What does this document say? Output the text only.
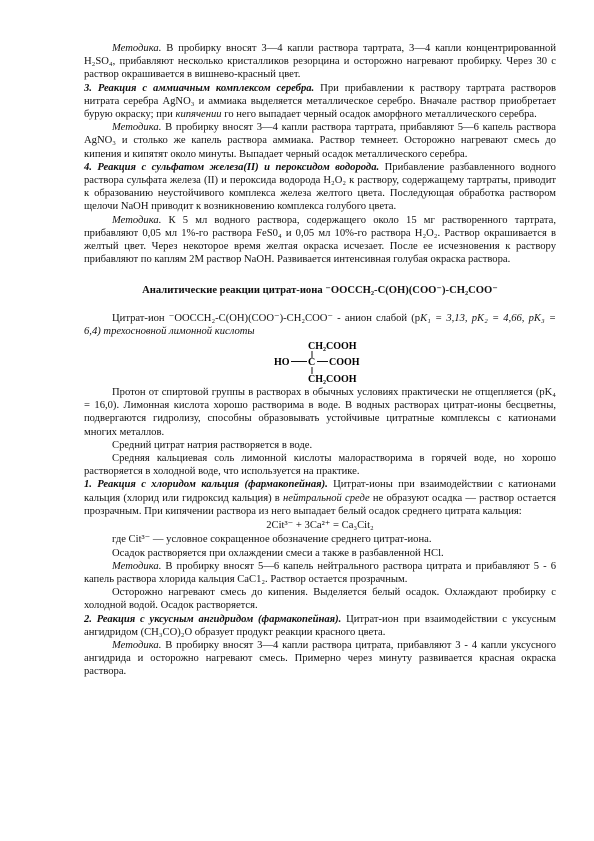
Методика. В пробирку вносят 3—4 капли раствора тартрата, 3—4 капли концентрированной H₂SO₄, прибавляют несколько кристалликов резорцина и осторожно нагревают пробирку. Через 30 с раствор окрашивается в вишнево-красный цвет.

3. Реакция с аммиачным комплексом серебра. При прибавлении к раствору тартрата растворов нитрата серебра AgNO₃ и аммиака выделяется металлическое серебро. Вначале раствор приобретает бурую окраску; при кипячении го него выпадает черный осадок аморфного металлического серебра.

Методика. В пробирку вносят 3—4 капли раствора тартрата, прибавляют 5—6 капель раствора AgNO₃ и столько же капель раствора аммиака. Раствор темнеет. Осторожно нагревают смесь до кипения и кипятят около минуты. Выпадает черный осадок металлического серебра.

4. Реакция с сульфатом железа(II) и пероксидом водорода. Прибавление разбавленного водного раствора сульфата железа (II) и пероксида водорода H₂O₂ к раствору, содержащему тартраты, приводит к образованию неустойчивого комплекса железа желтого цвета. Последующая обработка раствором щелочи NaOH приводит к возникновению комплекса голубого цвета.

Методика. К 5 мл водного раствора, содержащего около 15 мг растворенного тартрата, прибавляют 0,05 мл 1%-го раствора FeS0₄ и 0,05 мл 10%-го раствора H₂O₂. Раствор окрашивается в желтый цвет. Через некоторое время желтая окраска исчезает. После ее исчезновения к раствору прибавляют по каплям 2М раствор NaOH. Развивается интенсивная голубая окраска раствора.

Аналитические реакции цитрат-иона ⁻OOCCH₂-C(OH)(COO⁻)-CH₂COO⁻

Цитрат-ион ⁻OOCCH₂-C(OH)(COO⁻)-CH₂COO⁻ - анион слабой (pK₁ = 3,13, pK₂ = 4,66, pK₃ = 6,4) трехосновной лимонной кислоты

CH₂COOH
HO C COOH
CH₂COOH

Протон от спиртовой группы в растворах в обычных условиях практически не отщепляется (pK₄ = 16,0). Лимонная кислота хорошо растворима в воде. В водных растворах цитрат-ионы бесцветны, подвергаются гидролизу, способны образовывать устойчивые цитратные комплексы с катионами многих металлов.

Средний цитрат натрия растворяется в воде.

Средняя кальциевая соль лимонной кислоты малорастворима в горячей воде, но хорошо растворяется в холодной воде, что используется на практике.

1. Реакция с хлоридом кальция (фармакопейная). Цитрат-ионы при взаимодействии с катионами кальция (хлорид или гидроксид кальция) в нейтральной среде не образуют осадка — раствор остается прозрачным. При кипячении раствора из него выпадает белый осадок среднего цитрата кальция:

2Cit³⁻ + 3Ca²⁺ = Ca₃Cit₂

где Cit³⁻ — условное сокращенное обозначение среднего цитрат-иона.

Осадок растворяется при охлаждении смеси а также в разбавленной HCl.

Методика. В пробирку вносят 5—6 капель нейтрального раствора цитрата и прибавляют 5 - 6 капель раствора хлорида кальция CaC1₂. Раствор остается прозрачным.

Осторожно нагревают смесь до кипения. Выделяется белый осадок. Охлаждают пробирку с холодной водой. Осадок растворяется.

2. Реакция с уксусным ангидридом (фармакопейная). Цитрат-ион при взаимодействии с уксусным ангидридом (CH₃CO)₂O образует продукт реакции красного цвета.

Методика. В пробирку вносят 3—4 капли раствора цитрата, прибавляют 3 - 4 капли уксусного ангидрида и осторожно нагревают смесь. Примерно через минуту развивается красная окраска раствора.
